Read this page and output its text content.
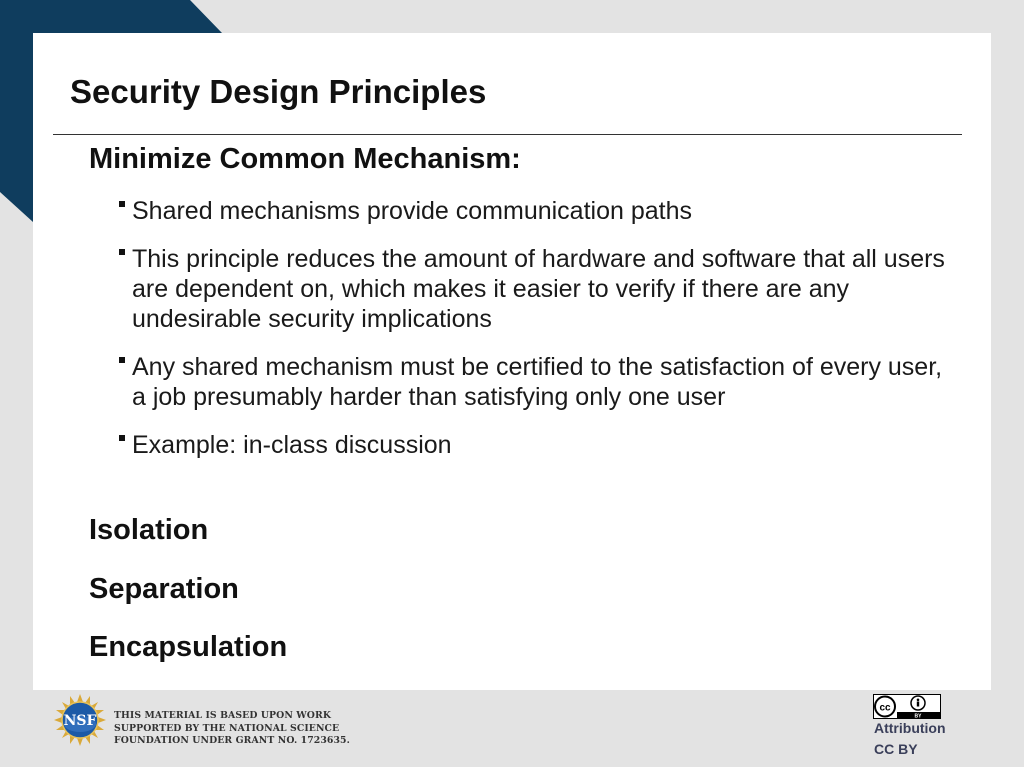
Security Design Principles
Minimize Common Mechanism:
Shared mechanisms provide communication paths
This principle reduces the amount of hardware and software that all users are dependent on, which makes it easier to verify if there are any undesirable security implications
Any shared mechanism must be certified to the satisfaction of every user, a job presumably harder than satisfying only one user
Example: in-class discussion
Isolation
Separation
Encapsulation
NSF THIS MATERIAL IS BASED UPON WORK
SUPPORTED BY THE NATIONAL SCIENCE
FOUNDATION UNDER GRANT NO. 1723635.
cc
BY
Attribution
CC BY
